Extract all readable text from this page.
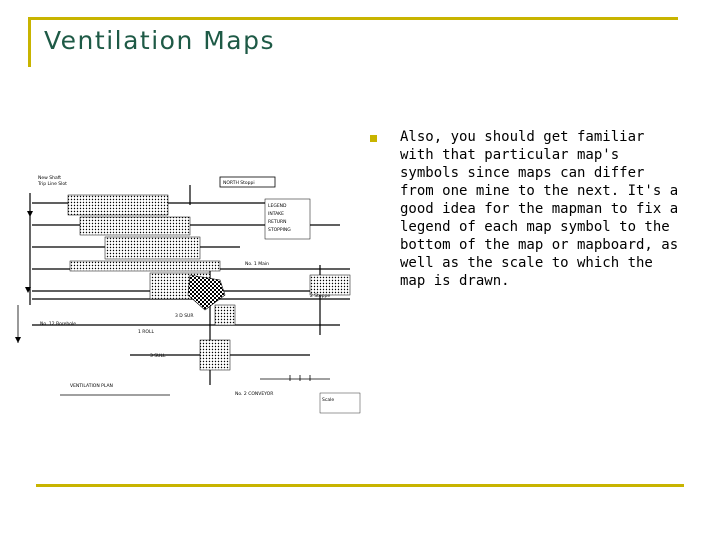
Ventilation Maps
NORTH Stoppi
LEGEND
INTAKE
RETURN
STOPPING
New Shaft
Trip Line Slot
No. 12 Borehole
1 ROLL
3 SULL
No. 1 Main
2 Stoppe
3 D SUR
VENTILATION PLAN
No. 2 CONVEYOR
Scale

Also, you should get familiar with that particular map's symbols since maps can differ from one mine to the next. It's a good idea for the mapman to fix a legend of each map symbol to the bottom of the map or mapboard, as well as the scale to which the map is drawn.
